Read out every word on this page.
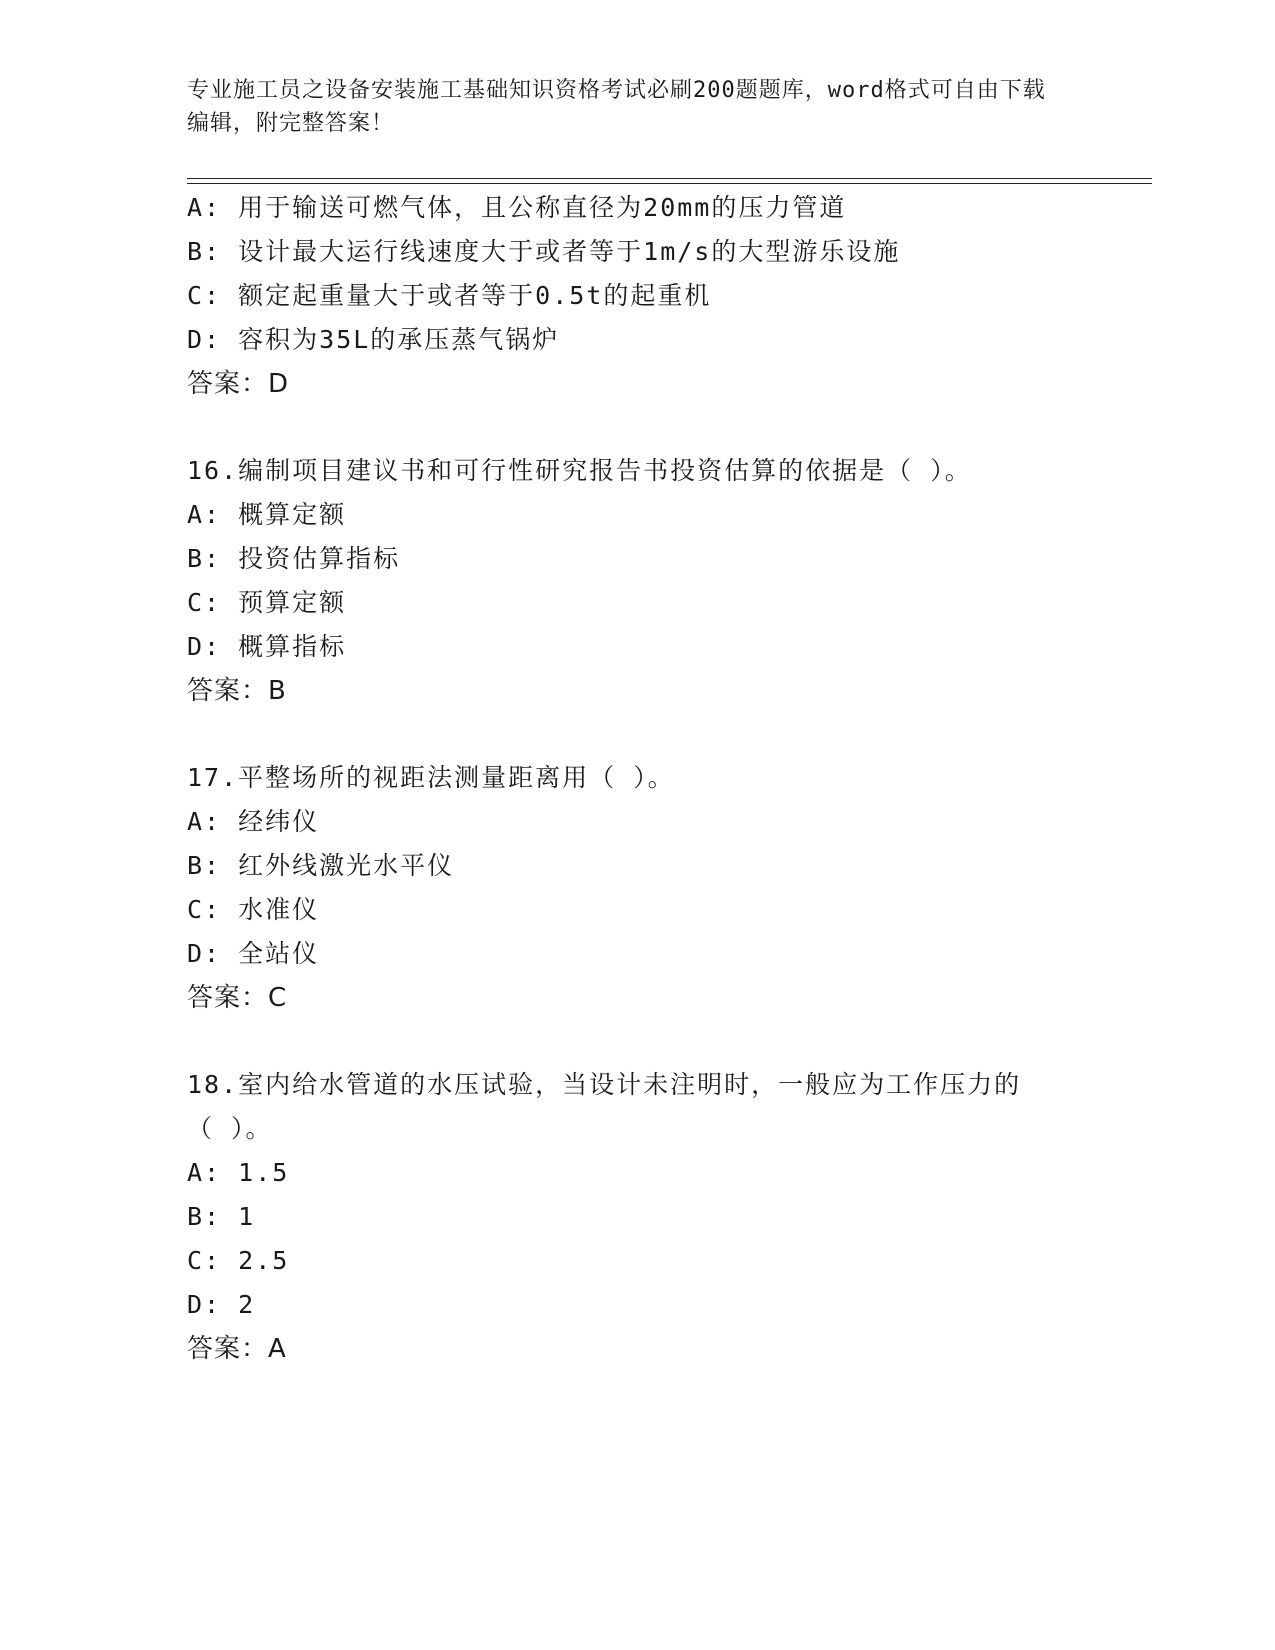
专业施工员之设备安装施工基础知识资格考试必刷200题题库，word格式可自由下载编辑，附完整答案！
A: 用于输送可燃气体，且公称直径为20mm的压力管道
B: 设计最大运行线速度大于或者等于1m/s的大型游乐设施
C: 额定起重量大于或者等于0.5t的起重机
D: 容积为35L的承压蒸气锅炉
答案：D
16.编制项目建议书和可行性研究报告书投资估算的依据是（ ）。
A: 概算定额
B: 投资估算指标
C: 预算定额
D: 概算指标
答案：B
17.平整场所的视距法测量距离用（ ）。
A: 经纬仪
B: 红外线激光水平仪
C: 水准仪
D: 全站仪
答案：C
18.室内给水管道的水压试验，当设计未注明时，一般应为工作压力的
（ ）。
A: 1.5
B: 1
C: 2.5
D: 2
答案：A
